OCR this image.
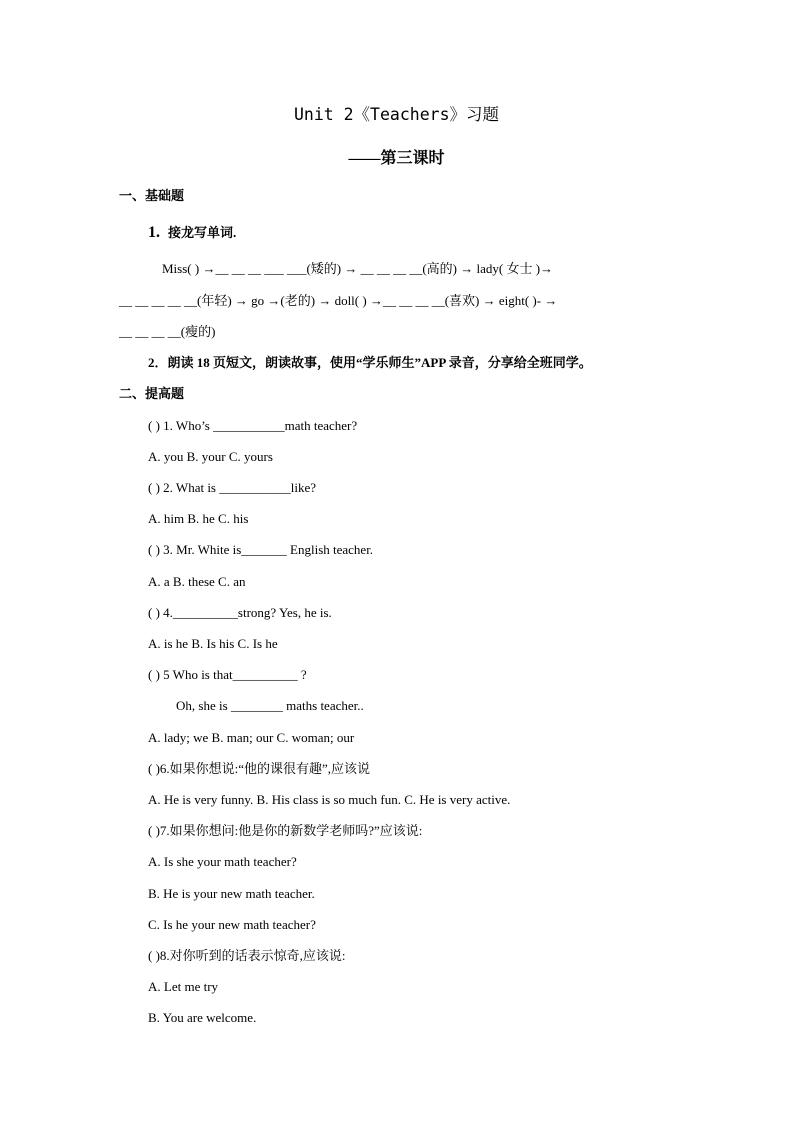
Unit 2《Teachers》习题
——第三课时
一、基础题
1. 接龙写单词.
Miss( ) →__ __ __ ___ ___(矮的) → __ __ __ __(高的) → lady( 女士 )→
__ __ __ __ __(年轻) → go →(老的) → doll( ) →__ __ __ __(喜欢) → eight( )- →
__ __ __ __(瘦的)
2．朗读 18 页短文，朗读故事，使用“学乐师生”APP 录音，分享给全班同学。
二、提高题
( ) 1. Who’s ___________math teacher?
A. you B. your C. yours
( ) 2. What is ___________like?
A. him B. he C. his
( ) 3. Mr. White is_______ English teacher.
A. a B. these C. an
( ) 4.__________strong? Yes, he is.
A. is he B. Is his C. Is he
( ) 5 Who is that__________ ?
Oh, she is ________ maths teacher..
A. lady; we B. man; our C. woman; our
( )6.如果你想说:“他的课很有趣”,应该说
A. He is very funny. B. His class is so much fun. C. He is very active.
( )7.如果你想问:他是你的新数学老师吗?”应该说:
A. Is she your math teacher?
B. He is your new math teacher.
C. Is he your new math teacher?
( )8.对你听到的话表示惊奇,应该说:
A. Let me try
B. You are welcome.
